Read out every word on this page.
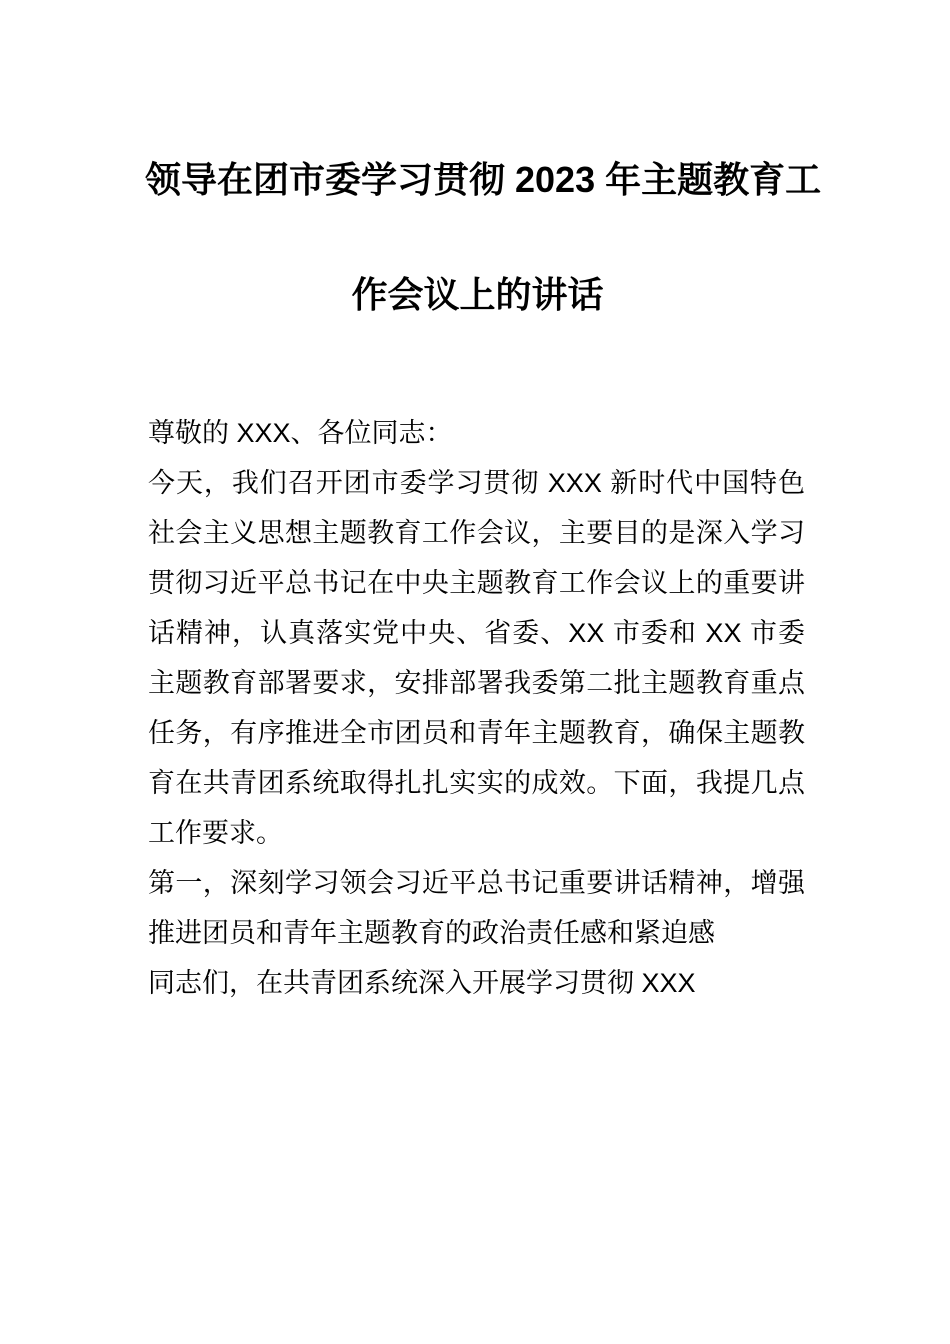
领导在团市委学习贯彻 2023 年主题教育工
作会议上的讲话

尊敬的 XXX、各位同志：

今天，我们召开团市委学习贯彻 XXX 新时代中国特色社会主义思想主题教育工作会议，主要目的是深入学习贯彻习近平总书记在中央主题教育工作会议上的重要讲话精神，认真落实党中央、省委、XX 市委和 XX 市委主题教育部署要求，安排部署我委第二批主题教育重点任务，有序推进全市团员和青年主题教育，确保主题教育在共青团系统取得扎扎实实的成效。下面，我提几点工作要求。

第一，深刻学习领会习近平总书记重要讲话精神，增强推进团员和青年主题教育的政治责任感和紧迫感

同志们，在共青团系统深入开展学习贯彻 XXX
